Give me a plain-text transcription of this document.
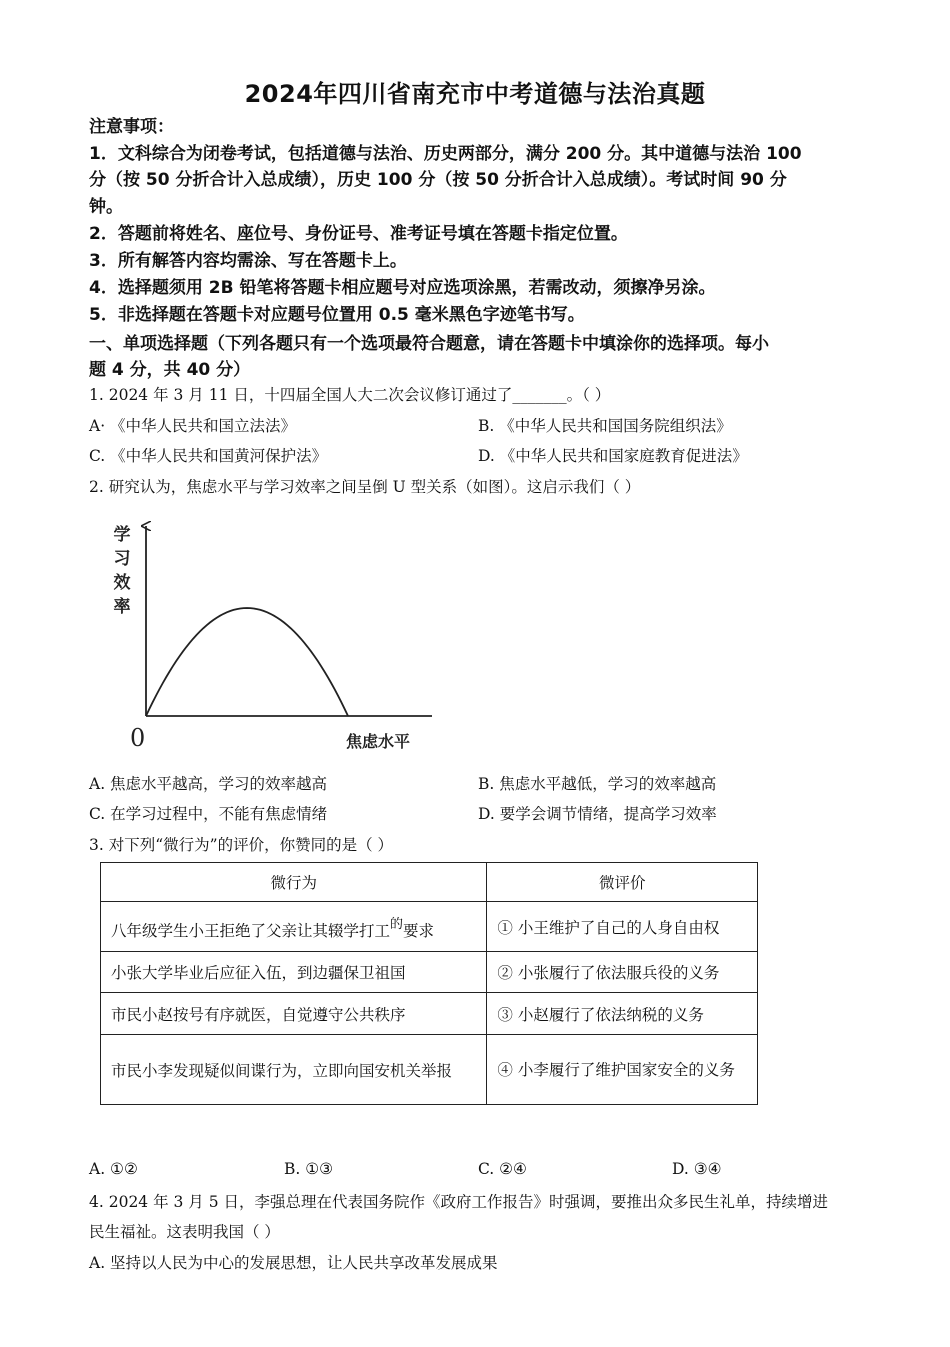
2024年四川省南充市中考道德与法治真题
注意事项：
1．文科综合为闭卷考试，包括道德与法治、历史两部分，满分 200 分。其中道德与法治 100
分（按 50 分折合计入总成绩），历史 100 分（按 50 分折合计入总成绩）。考试时间 90 分
钟。
2．答题前将姓名、座位号、身份证号、准考证号填在答题卡指定位置。
3．所有解答内容均需涂、写在答题卡上。
4．选择题须用 2B 铅笔将答题卡相应题号对应选项涂黑，若需改动，须擦净另涂。
5．非选择题在答题卡对应题号位置用 0.5 毫米黑色字迹笔书写。
一、单项选择题（下列各题只有一个选项最符合题意，请在答题卡中填涂你的选择项。每小
题 4 分，共 40 分）
1. 2024 年 3 月 11 日，十四届全国人大二次会议修订通过了_______。（ ）
A· 《中华人民共和国立法法》	B. 《中华人民共和国国务院组织法》
C. 《中华人民共和国黄河保护法》	D. 《中华人民共和国家庭教育促进法》
2. 研究认为，焦虑水平与学习效率之间呈倒 U 型关系（如图）。这启示我们（ ）
学习效率
0	焦虑水平
A. 焦虑水平越高，学习的效率越高	B. 焦虑水平越低，学习的效率越高
C. 在学习过程中，不能有焦虑情绪	D. 要学会调节情绪，提高学习效率
3. 对下列“微行为”的评价，你赞同的是（ ）
微行为	微评价
八年级学生小王拒绝了父亲让其辍学打工$^的$要求	① 小王维护了自己的人身自由权
小张大学毕业后应征入伍，到边疆保卫祖国	② 小张履行了依法服兵役的义务
市民小赵按号有序就医，自觉遵守公共秩序	③ 小赵履行了依法纳税的义务
市民小李发现疑似间谍行为，立即向国安机关举报	④ 小李履行了维护国家安全的义务
A. ①②	B. ①③	C. ②④	D. ③④
4. 2024 年 3 月 5 日，李强总理在代表国务院作《政府工作报告》时强调，要推出众多民生礼单，持续增进
民生福祉。这表明我国（ ）
A. 坚持以人民为中心的发展思想，让人民共享改革发展成果
